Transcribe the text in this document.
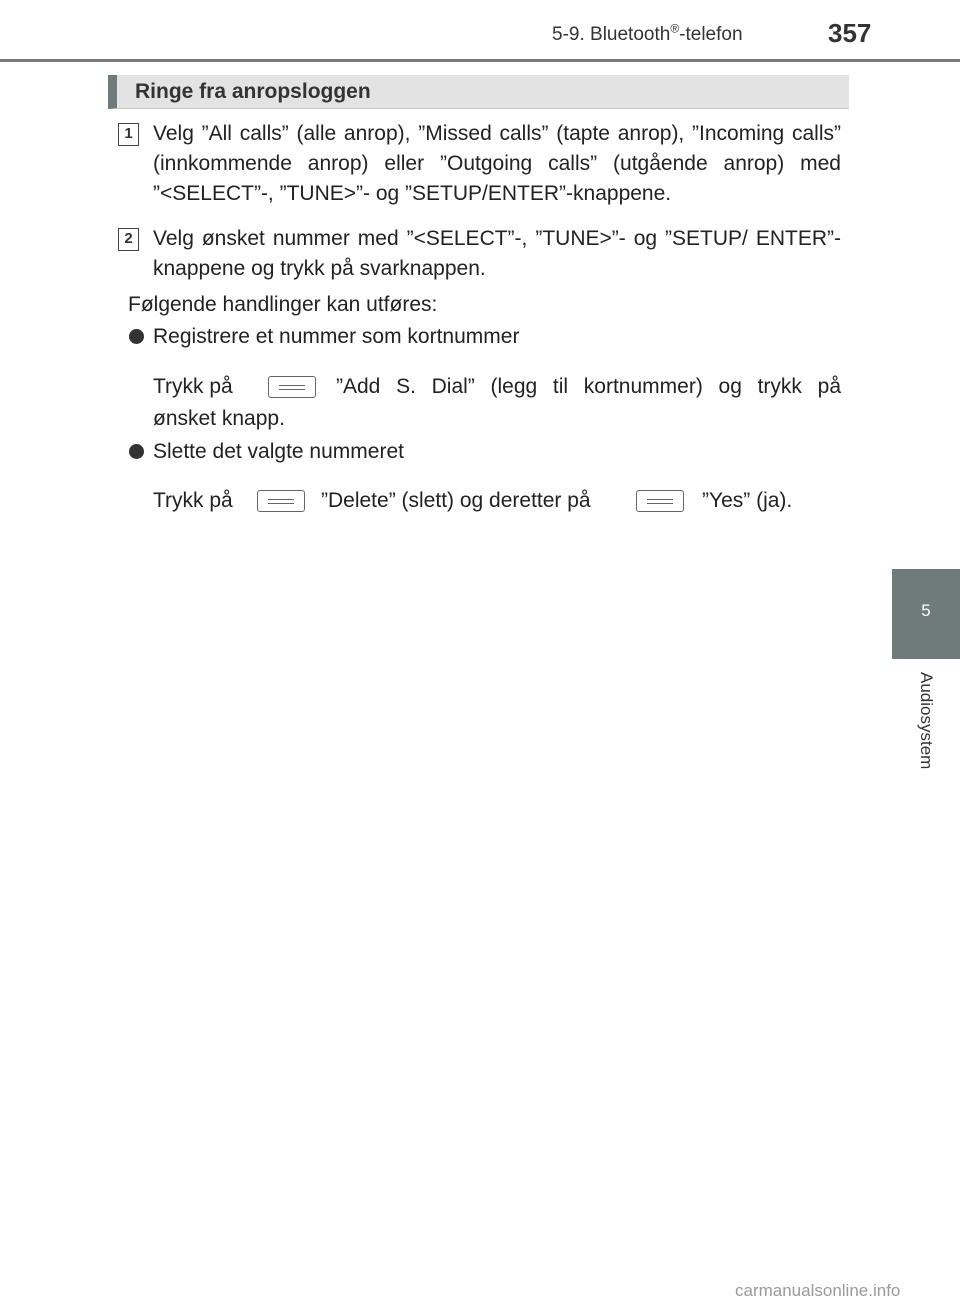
5-9. Bluetooth®-telefon	357
Ringe fra anropsloggen
1 Velg ”All calls” (alle anrop), ”Missed calls” (tapte anrop), ”Incoming calls” (innkommende anrop) eller ”Outgoing calls” (utgående anrop) med ”<SELECT”-, ”TUNE>”- og ”SETUP/ENTER”-knappene.
2 Velg ønsket nummer med ”<SELECT”-, ”TUNE>”- og ”SETUP/ ENTER”-knappene og trykk på svarknappen.
Følgende handlinger kan utføres:
Registrere et nummer som kortnummer
Trykk på	”Add S. Dial” (legg til kortnummer) og trykk på
ønsket knapp.
Slette det valgte nummeret
Trykk på	”Delete” (slett) og deretter på	”Yes” (ja).
5
Audiosystem
carmanualsonline.info
